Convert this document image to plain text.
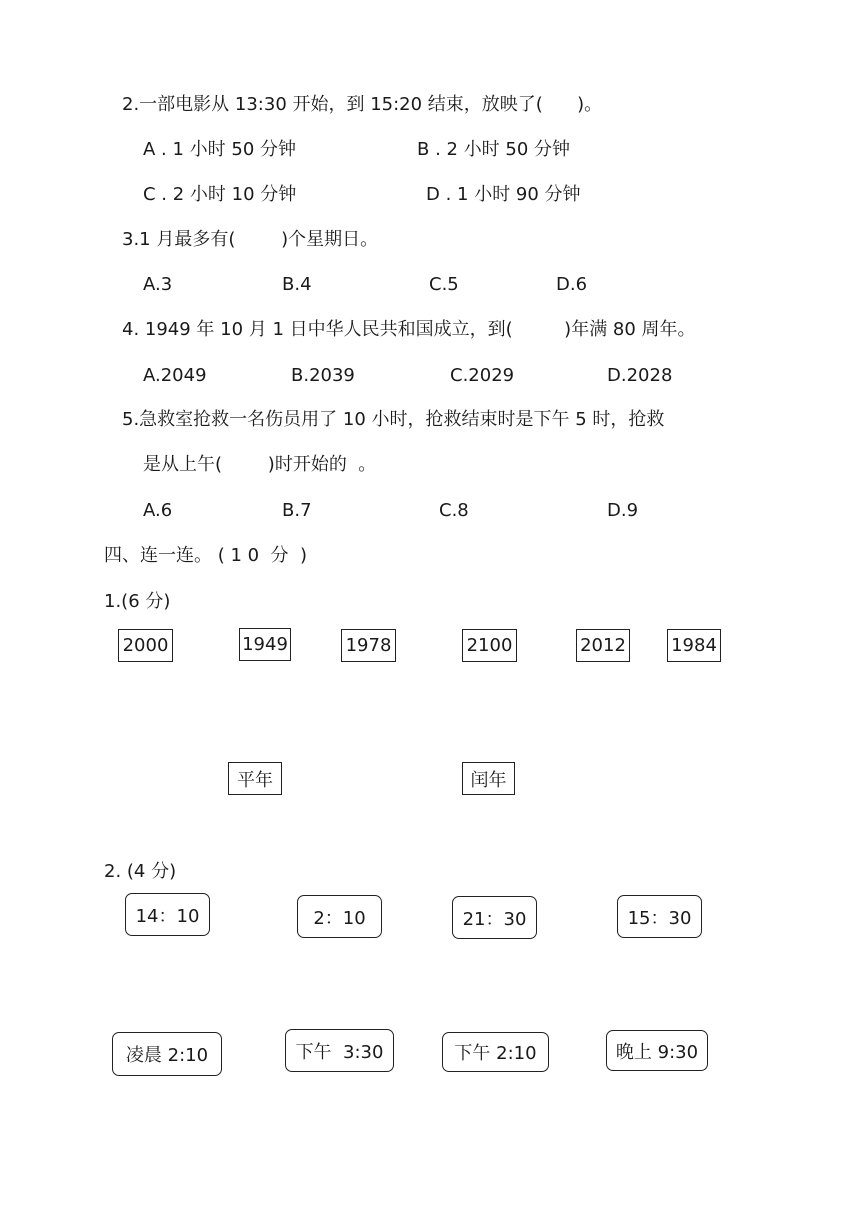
2.一部电影从 13:30 开始，到 15:20 结束，放映了(      )。
A . 1 小时 50 分钟	B . 2 小时 50 分钟
C . 2 小时 10 分钟	D . 1 小时 90 分钟
3.1 月最多有(        )个星期日。
A.3	B.4	C.5	D.6
4. 1949 年 10 月 1 日中华人民共和国成立，到(         )年满 80 周年。
A.2049	B.2039	C.2029	D.2028
5.急救室抢救一名伤员用了 10 小时，抢救结束时是下午 5 时，抢救
是从上午(        )时开始的  。
A.6	B.7	C.8	D.9
四、连一连。 ( 1 0  分  )
1.(6 分)
2000	1949	1978	2100	2012	1984
平年	闰年
2. (4 分)
14：10	2：10	21：30	15：30
凌晨 2:10	下午  3:30	下午 2:10	晚上 9:30
